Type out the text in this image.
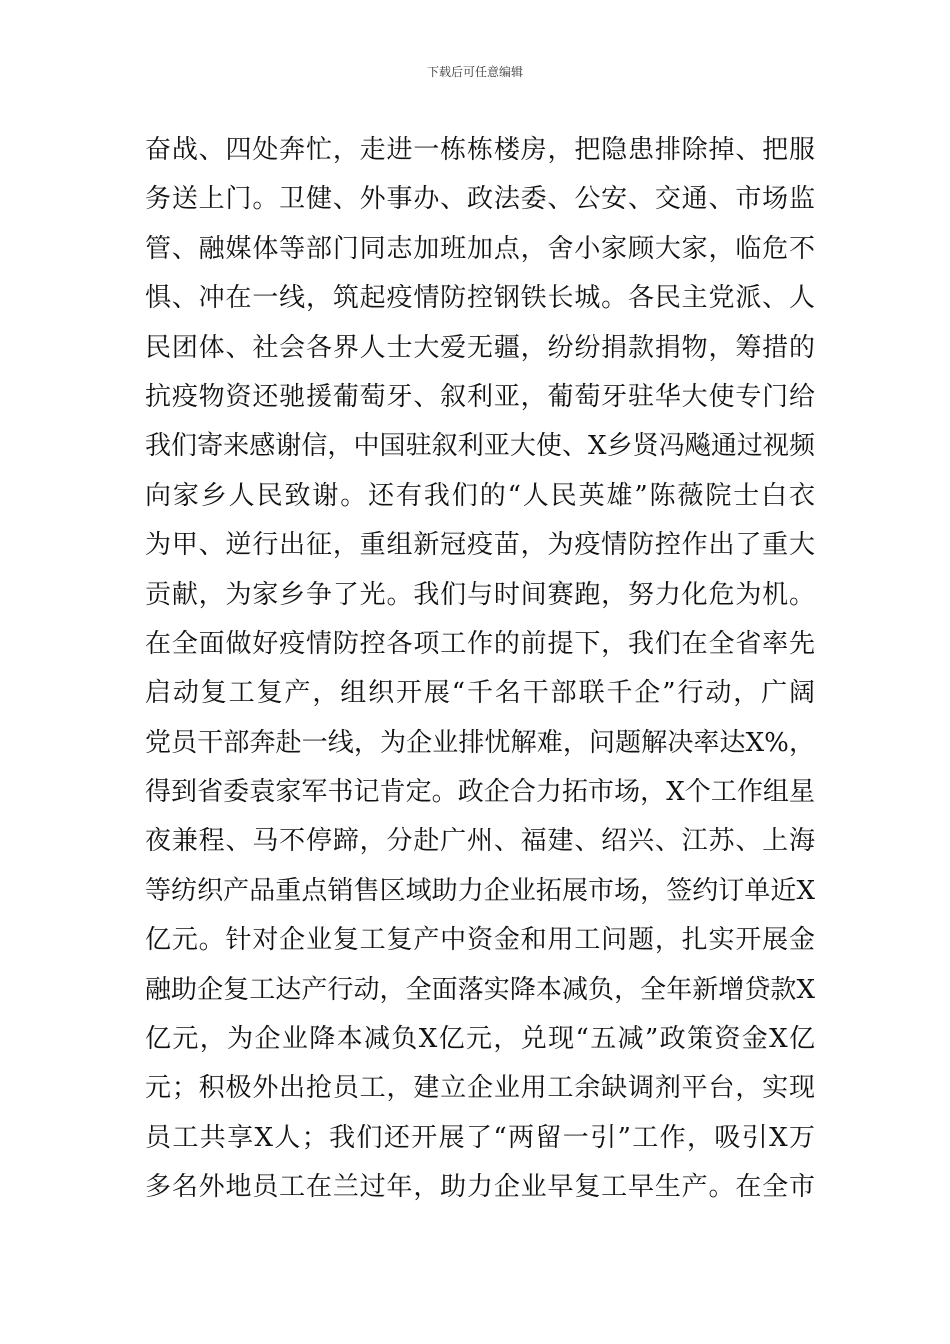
下载后可任意编辑
奋战、四处奔忙，走进一栋栋楼房，把隐患排除掉、把服
务送上门。卫健、外事办、政法委、公安、交通、市场监
管、融媒体等部门同志加班加点，舍小家顾大家，临危不
惧、冲在一线，筑起疫情防控钢铁长城。各民主党派、人
民团体、社会各界人士大爱无疆，纷纷捐款捐物，筹措的
抗疫物资还驰援葡萄牙、叙利亚，葡萄牙驻华大使专门给
我们寄来感谢信，中国驻叙利亚大使、X乡贤冯飚通过视频
向家乡人民致谢。还有我们的“人民英雄”陈薇院士白衣
为甲、逆行出征，重组新冠疫苗，为疫情防控作出了重大
贡献，为家乡争了光。我们与时间赛跑，努力化危为机。
在全面做好疫情防控各项工作的前提下，我们在全省率先
启动复工复产，组织开展“千名干部联千企”行动，广阔
党员干部奔赴一线，为企业排忧解难，问题解决率达X%，
得到省委袁家军书记肯定。政企合力拓市场，X个工作组星
夜兼程、马不停蹄，分赴广州、福建、绍兴、江苏、上海
等纺织产品重点销售区域助力企业拓展市场，签约订单近X
亿元。针对企业复工复产中资金和用工问题，扎实开展金
融助企复工达产行动，全面落实降本减负，全年新增贷款X
亿元，为企业降本减负X亿元，兑现“五减”政策资金X亿
元；积极外出抢员工，建立企业用工余缺调剂平台，实现
员工共享X人；我们还开展了“两留一引”工作，吸引X万
多名外地员工在兰过年，助力企业早复工早生产。在全市
